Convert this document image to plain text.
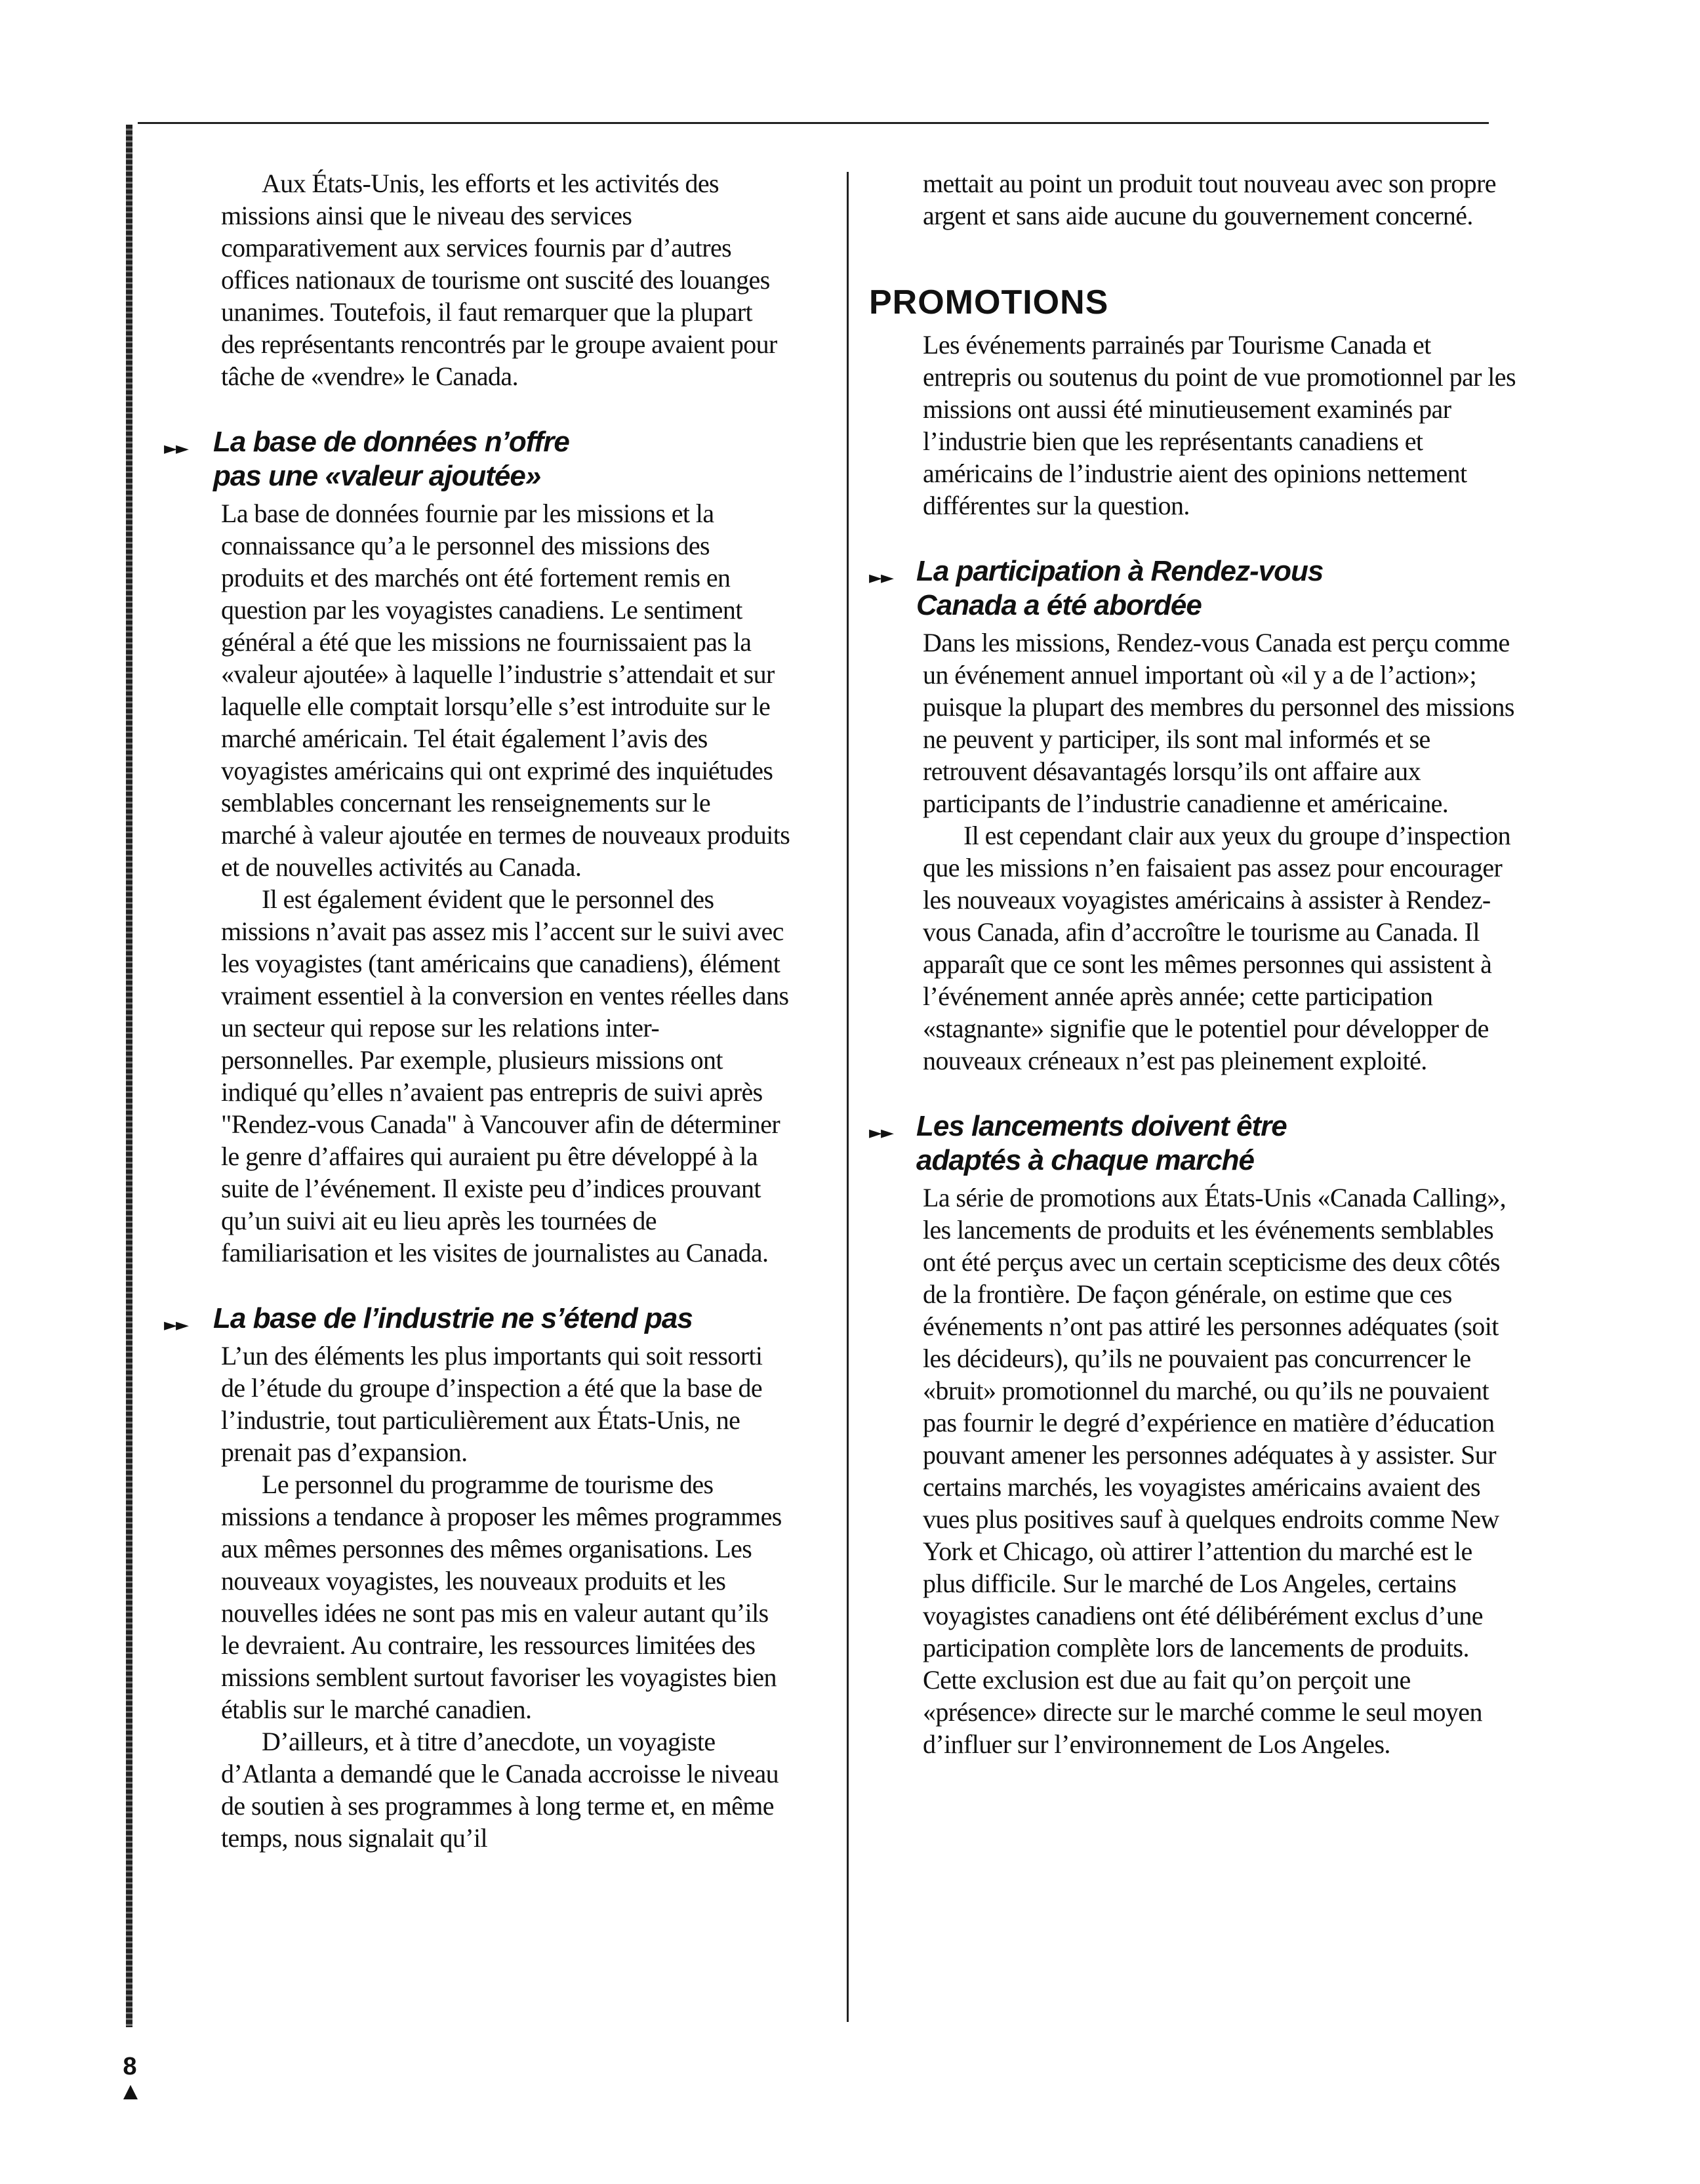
Aux États-Unis, les efforts et les activités des missions ainsi que le niveau des services comparativement aux services fournis par d’autres offices nationaux de tourisme ont suscité des louanges unanimes. Toutefois, il faut remarquer que la plupart des représentants rencontrés par le groupe avaient pour tâche de «vendre» le Canada.

►► La base de données n’offre
pas une «valeur ajoutée»

La base de données fournie par les missions et la connaissance qu’a le personnel des missions des produits et des marchés ont été fortement remis en question par les voyagistes canadiens. Le sentiment général a été que les missions ne fournissaient pas la «valeur ajoutée» à laquelle l’industrie s’attendait et sur laquelle elle comptait lorsqu’elle s’est introduite sur le marché américain. Tel était également l’avis des voyagistes américains qui ont exprimé des inquiétudes semblables concernant les renseignements sur le marché à valeur ajoutée en termes de nouveaux produits et de nouvelles activités au Canada.

Il est également évident que le personnel des missions n’avait pas assez mis l’accent sur le suivi avec les voyagistes (tant américains que canadiens), élément vraiment essentiel à la conversion en ventes réelles dans un secteur qui repose sur les relations inter-personnelles. Par exemple, plusieurs missions ont indiqué qu’elles n’avaient pas entrepris de suivi après "Rendez-vous Canada" à Vancouver afin de déterminer le genre d’affaires qui auraient pu être développé à la suite de l’événement. Il existe peu d’indices prouvant qu’un suivi ait eu lieu après les tournées de familiarisation et les visites de journalistes au Canada.

►► La base de l’industrie ne s’étend pas

L’un des éléments les plus importants qui soit ressorti de l’étude du groupe d’inspection a été que la base de l’industrie, tout particulièrement aux États-Unis, ne prenait pas d’expansion.

Le personnel du programme de tourisme des missions a tendance à proposer les mêmes programmes aux mêmes personnes des mêmes organisations. Les nouveaux voyagistes, les nouveaux produits et les nouvelles idées ne sont pas mis en valeur autant qu’ils le devraient. Au contraire, les ressources limitées des missions semblent surtout favoriser les voyagistes bien établis sur le marché canadien.

D’ailleurs, et à titre d’anecdote, un voyagiste d’Atlanta a demandé que le Canada accroisse le niveau de soutien à ses programmes à long terme et, en même temps, nous signalait qu’il

mettait au point un produit tout nouveau avec son propre argent et sans aide aucune du gouvernement concerné.

PROMOTIONS

Les événements parrainés par Tourisme Canada et entrepris ou soutenus du point de vue promotionnel par les missions ont aussi été minutieusement examinés par l’industrie bien que les représentants canadiens et américains de l’industrie aient des opinions nettement différentes sur la question.

►► La participation à Rendez-vous
Canada a été abordée

Dans les missions, Rendez-vous Canada est perçu comme un événement annuel important où «il y a de l’action»; puisque la plupart des membres du personnel des missions ne peuvent y participer, ils sont mal informés et se retrouvent désavantagés lorsqu’ils ont affaire aux participants de l’industrie canadienne et américaine.

Il est cependant clair aux yeux du groupe d’inspection que les missions n’en faisaient pas assez pour encourager les nouveaux voyagistes américains à assister à Rendez-vous Canada, afin d’accroître le tourisme au Canada. Il apparaît que ce sont les mêmes personnes qui assistent à l’événement année après année; cette participation «stagnante» signifie que le potentiel pour développer de nouveaux créneaux n’est pas pleinement exploité.

►► Les lancements doivent être
adaptés à chaque marché

La série de promotions aux États-Unis «Canada Calling», les lancements de produits et les événements semblables ont été perçus avec un certain scepticisme des deux côtés de la frontière. De façon générale, on estime que ces événements n’ont pas attiré les personnes adéquates (soit les décideurs), qu’ils ne pouvaient pas concurrencer le «bruit» promotionnel du marché, ou qu’ils ne pouvaient pas fournir le degré d’expérience en matière d’éducation pouvant amener les personnes adéquates à y assister. Sur certains marchés, les voyagistes américains avaient des vues plus positives sauf à quelques endroits comme New York et Chicago, où attirer l’attention du marché est le plus difficile. Sur le marché de Los Angeles, certains voyagistes canadiens ont été délibérément exclus d’une participation complète lors de lancements de produits. Cette exclusion est due au fait qu’on perçoit une «présence» directe sur le marché comme le seul moyen d’influer sur l’environnement de Los Angeles.

8
